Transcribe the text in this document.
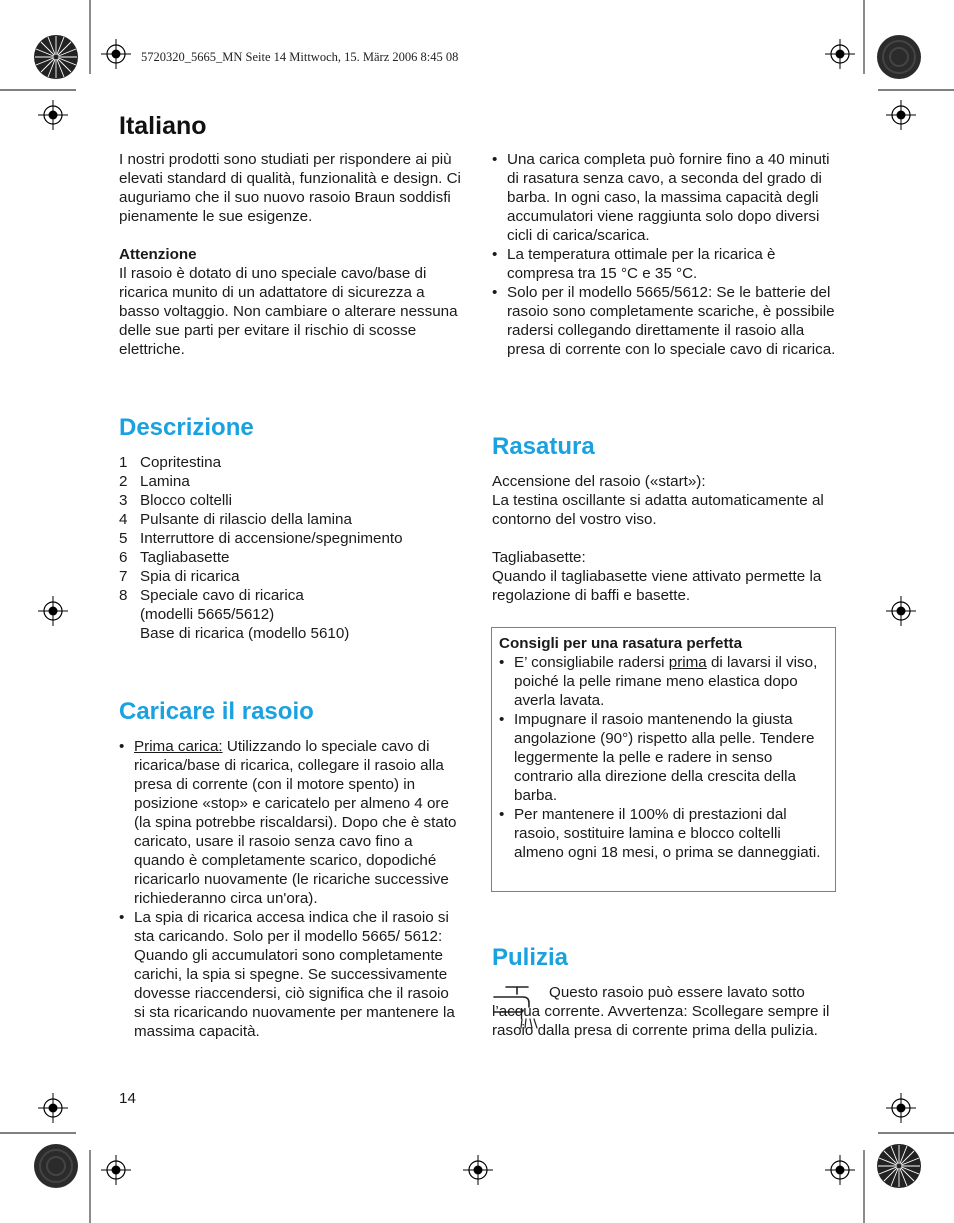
5720320_5665_MN Seite 14 Mittwoch, 15. März 2006 8:45 08
Italiano

I nostri prodotti sono studiati per rispondere ai più elevati standard di qualità, funzionalità e design. Ci auguriamo che il suo nuovo rasoio Braun soddisfi pienamente le sue esigenze.

Attenzione

Il rasoio è dotato di uno speciale cavo/base di ricarica munito di un adattatore di sicurezza a basso voltaggio. Non cambiare o alterare nessuna delle sue parti per evitare il rischio di scosse elettriche.

Descrizione
1 Copritestina
2 Lamina
3 Blocco coltelli
4 Pulsante di rilascio della lamina
5 Interruttore di accensione/spegnimento
6 Tagliabasette
7 Spia di ricarica
8 Speciale cavo di ricarica
(modelli 5665/5612)
Base di ricarica (modello 5610)
Caricare il rasoio
• Prima carica: Utilizzando lo speciale cavo di ricarica/base di ricarica, collegare il rasoio alla presa di corrente (con il motore spento) in posizione «stop» e caricatelo per almeno 4 ore (la spina potrebbe riscaldarsi). Dopo che è stato caricato, usare il rasoio senza cavo fino a quando è completamente scarico, dopodiché ricaricarlo nuovamente (le ricariche successive richiederanno circa un'ora).
• La spia di ricarica accesa indica che il rasoio si sta caricando. Solo per il modello 5665/ 5612: Quando gli accumulatori sono completamente carichi, la spia si spegne. Se successivamente dovesse riaccendersi, ciò significa che il rasoio si sta ricaricando nuovamente per mantenere la massima capacità.
14
• Una carica completa può fornire fino a 40 minuti di rasatura senza cavo, a seconda del grado di barba. In ogni caso, la massima capacità degli accumulatori viene raggiunta solo dopo diversi cicli di carica/scarica.
• La temperatura ottimale per la ricarica è compresa tra 15 °C e 35 °C.
• Solo per il modello 5665/5612: Se le batterie del rasoio sono completamente scariche, è possibile radersi collegando direttamente il rasoio alla presa di corrente con lo speciale cavo di ricarica.
Rasatura

Accensione del rasoio («start»):

La testina oscillante si adatta automaticamente al contorno del vostro viso.

Tagliabasette:

Quando il tagliabasette viene attivato permette la regolazione di baffi e basette.

Consigli per una rasatura perfetta

• E’ consigliabile radersi prima di lavarsi il viso, poiché la pelle rimane meno elastica dopo averla lavata.
• Impugnare il rasoio mantenendo la giusta angolazione (90°) rispetto alla pelle. Tendere leggermente la pelle e radere in senso contrario alla direzione della crescita della barba.
• Per mantenere il 100% di prestazioni dal rasoio, sostituire lamina e blocco coltelli almeno ogni 18 mesi, o prima se danneggiati.
Pulizia

Questo rasoio può essere lavato sotto l’acqua corrente. Avvertenza: Scollegare sempre il rasoio dalla presa di corrente prima della pulizia.
